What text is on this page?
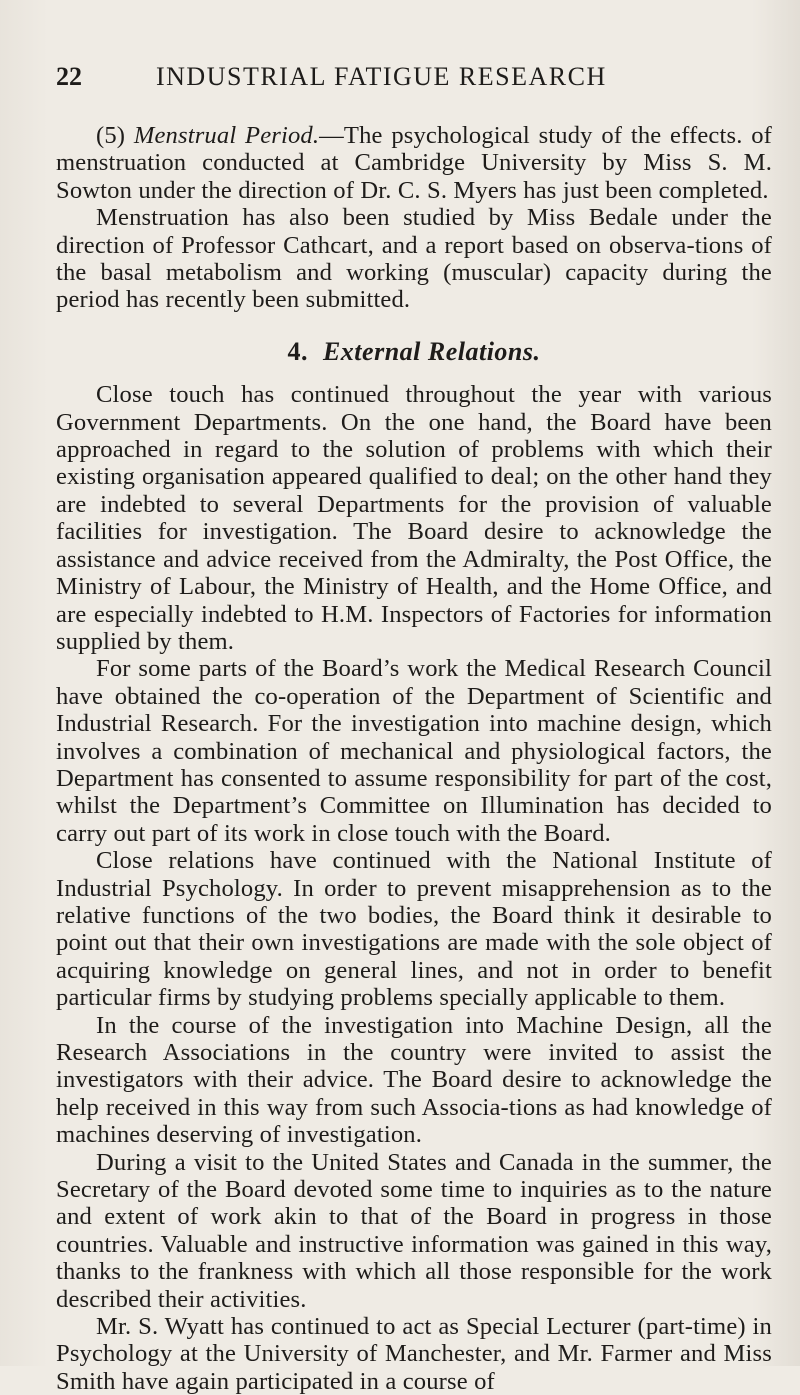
22	INDUSTRIAL FATIGUE RESEARCH

(5) Menstrual Period.—The psychological study of the effects. of menstruation conducted at Cambridge University by Miss S. M. Sowton under the direction of Dr. C. S. Myers has just been completed.

Menstruation has also been studied by Miss Bedale under the direction of Professor Cathcart, and a report based on observa-tions of the basal metabolism and working (muscular) capacity during the period has recently been submitted.

4. External Relations.

Close touch has continued throughout the year with various Government Departments. On the one hand, the Board have been approached in regard to the solution of problems with which their existing organisation appeared qualified to deal; on the other hand they are indebted to several Departments for the provision of valuable facilities for investigation. The Board desire to acknowledge the assistance and advice received from the Admiralty, the Post Office, the Ministry of Labour, the Ministry of Health, and the Home Office, and are especially indebted to H.M. Inspectors of Factories for information supplied by them.

For some parts of the Board’s work the Medical Research Council have obtained the co-operation of the Department of Scientific and Industrial Research. For the investigation into machine design, which involves a combination of mechanical and physiological factors, the Department has consented to assume responsibility for part of the cost, whilst the Department’s Committee on Illumination has decided to carry out part of its work in close touch with the Board.

Close relations have continued with the National Institute of Industrial Psychology. In order to prevent misapprehension as to the relative functions of the two bodies, the Board think it desirable to point out that their own investigations are made with the sole object of acquiring knowledge on general lines, and not in order to benefit particular firms by studying problems specially applicable to them.

In the course of the investigation into Machine Design, all the Research Associations in the country were invited to assist the investigators with their advice. The Board desire to acknowledge the help received in this way from such Associa-tions as had knowledge of machines deserving of investigation.

During a visit to the United States and Canada in the summer, the Secretary of the Board devoted some time to inquiries as to the nature and extent of work akin to that of the Board in progress in those countries. Valuable and instructive information was gained in this way, thanks to the frankness with which all those responsible for the work described their activities.

Mr. S. Wyatt has continued to act as Special Lecturer (part-time) in Psychology at the University of Manchester, and Mr. Farmer and Miss Smith have again participated in a course of
